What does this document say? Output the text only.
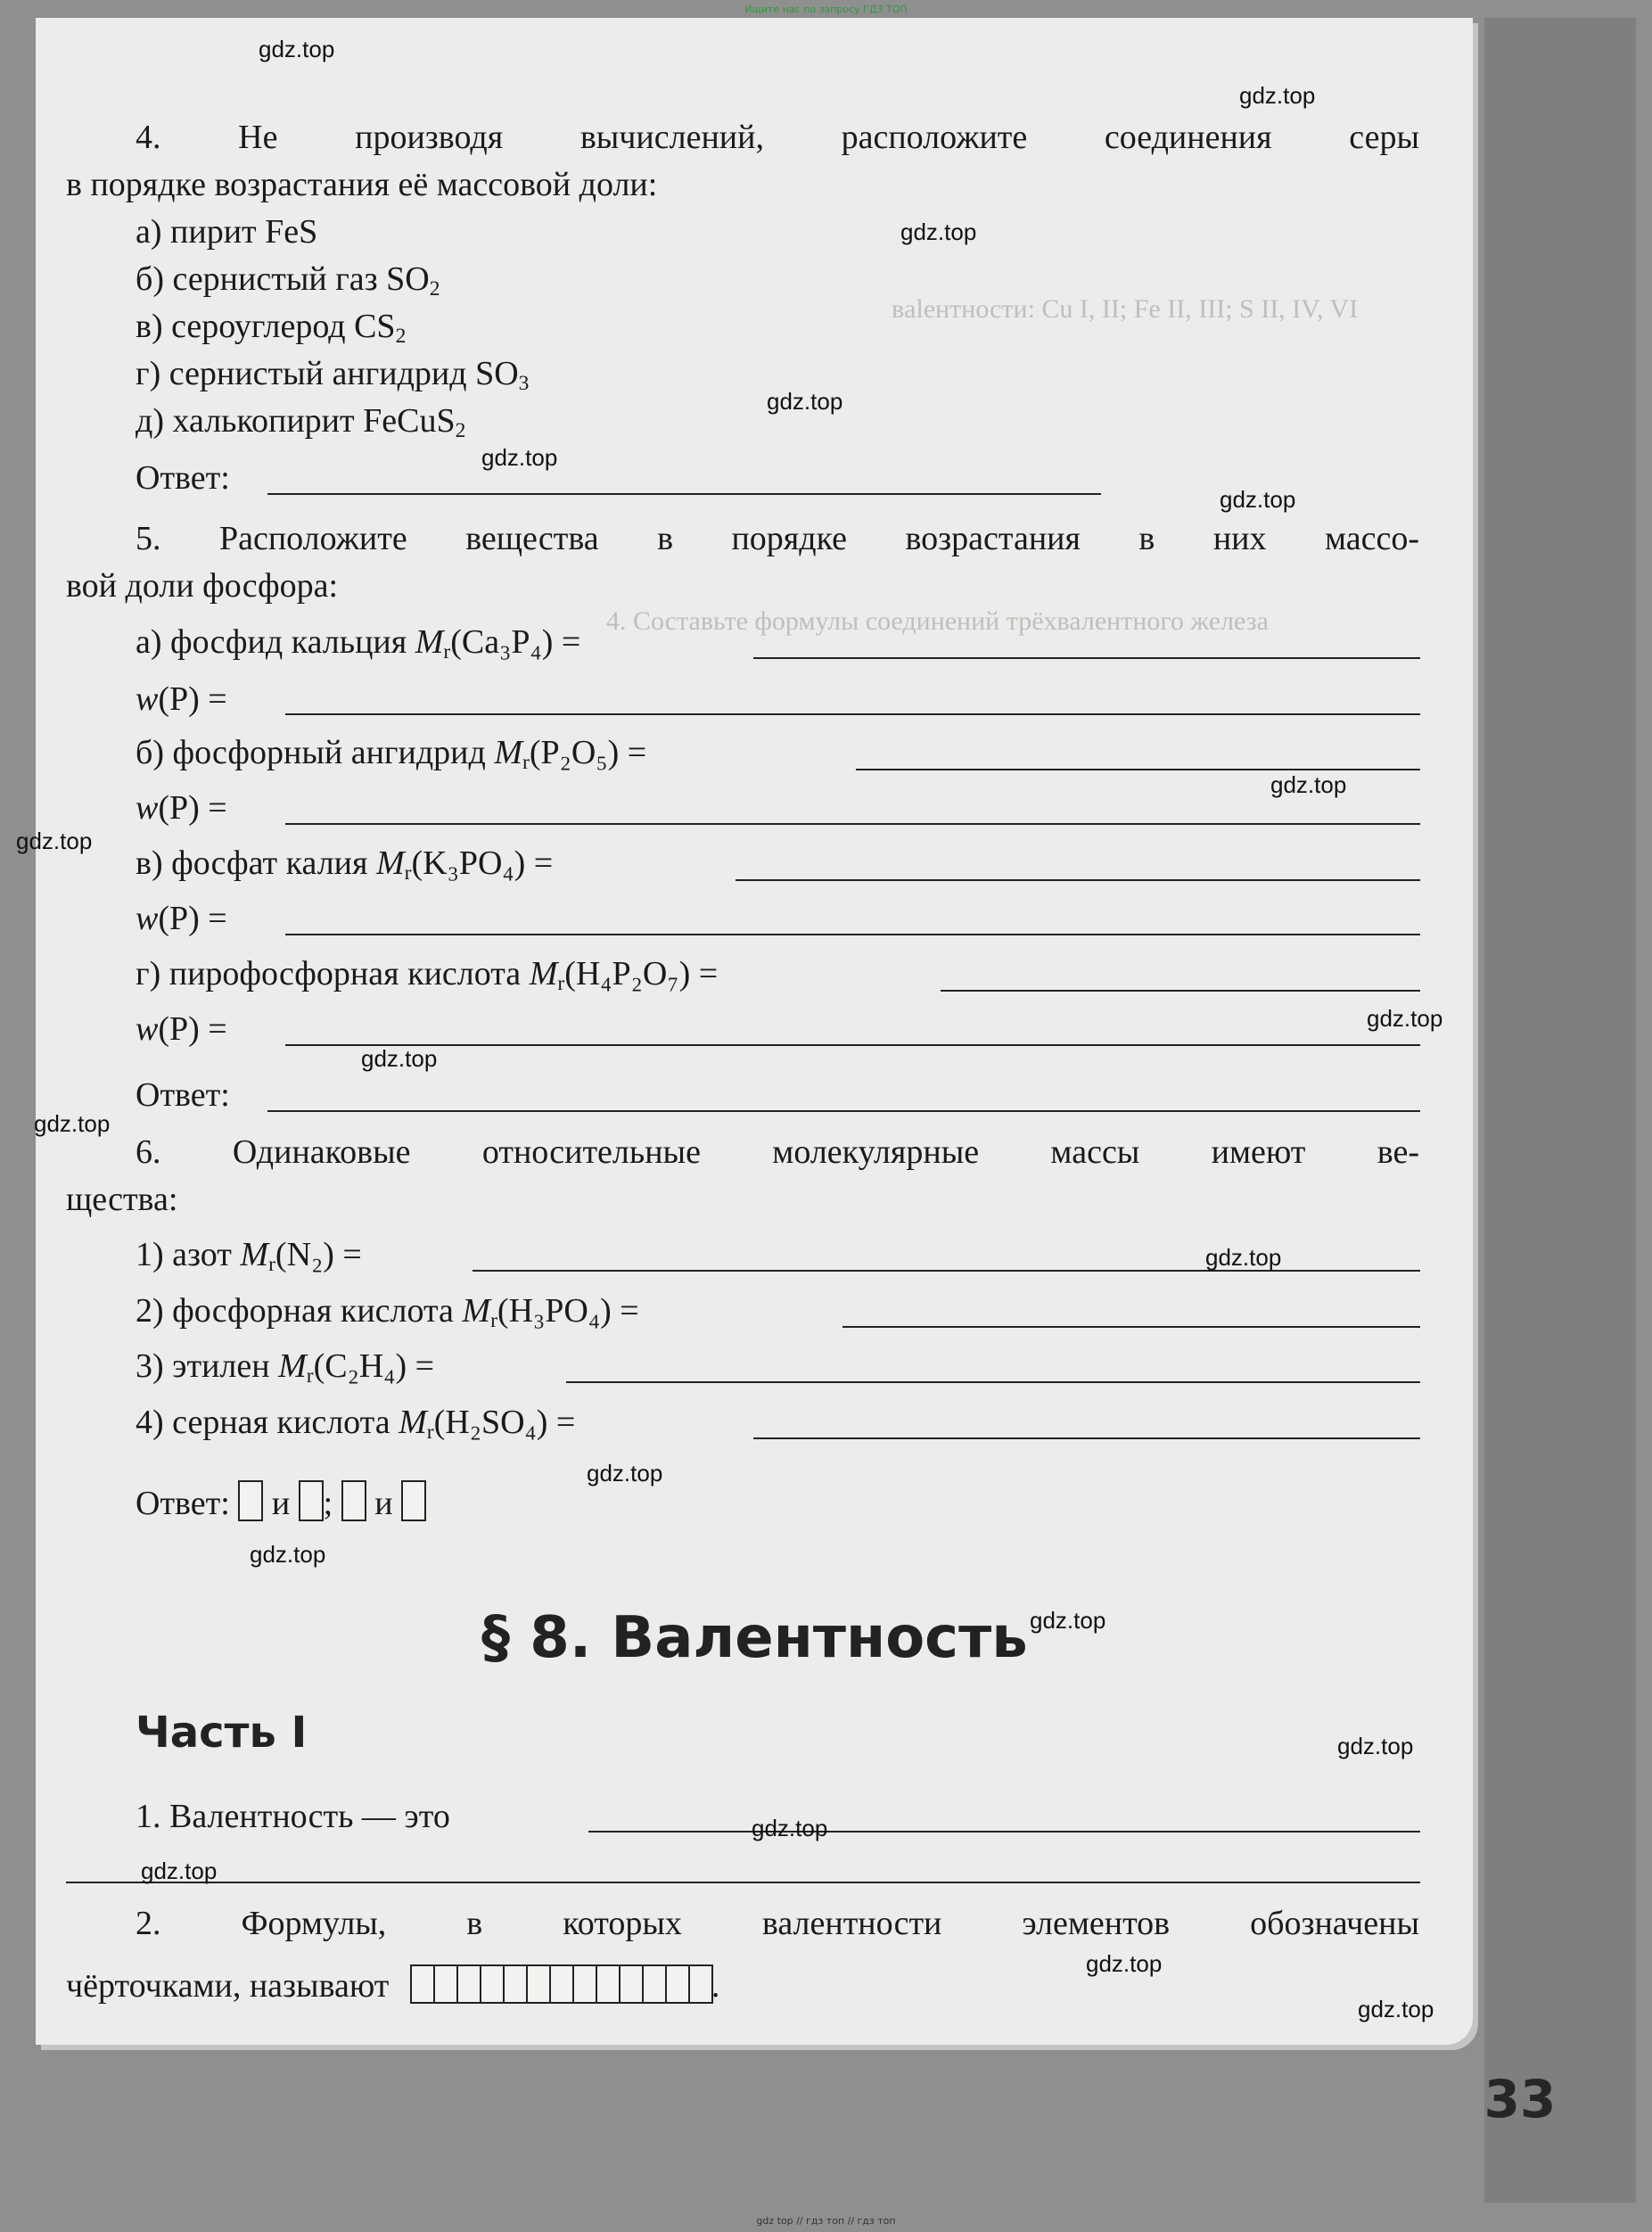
Ищите нас по запросу ГДЗ ТОП
вalентности: Cu I, II; Fe II, III; S II, IV, VI
4. Составьте формулы соединений трёхвалентного железа
4. Не производя вычислений, расположите соединения серы
в порядке возрастания её массовой доли:
а) пирит FeS
б) сернистый газ $SO_2$
в) сероуглерод $CS_2$
г) сернистый ангидрид $SO_3$
д) халькопирит FeCuS$_2$
Ответ:
5. Расположите вещества в порядке возрастания в них массо-
вой доли фосфора:
а) фосфид кальция $M_r(Ca_3P_4)$ =
w(P) =
б) фосфорный ангидрид $M_r(P_2O_5)$ =
w(P) =
в) фосфат калия $M_r(K_3PO_4)$ =
w(P) =
г) пирофосфорная кислота $M_r(H_4P_2O_7)$ =
w(P) =
Ответ:
6. Одинаковые относительные молекулярные массы имеют ве-
щества:
1) азот $M_r(N_2)$ =
2) фосфорная кислота $M_r(H_3PO_4)$ =
3) этилен $M_r(C_2H_4)$ =
4) серная кислота $M_r(H_2SO_4)$ =
Ответ: и ; и
§ 8. Валентность
Часть I
1. Валентность — это
2. Формулы, в которых валентности элементов обозначены
чёрточками, называют	.
33
gdz.top
gdz.top
gdz.top
gdz.top
gdz.top
gdz.top
gdz.top
gdz.top
gdz.top
gdz.top
gdz.top
gdz.top
gdz.top
gdz.top
gdz.top
gdz.top
gdz.top
gdz.top
gdz.top
gdz.top
gdz top // гдз топ // гдз топ
